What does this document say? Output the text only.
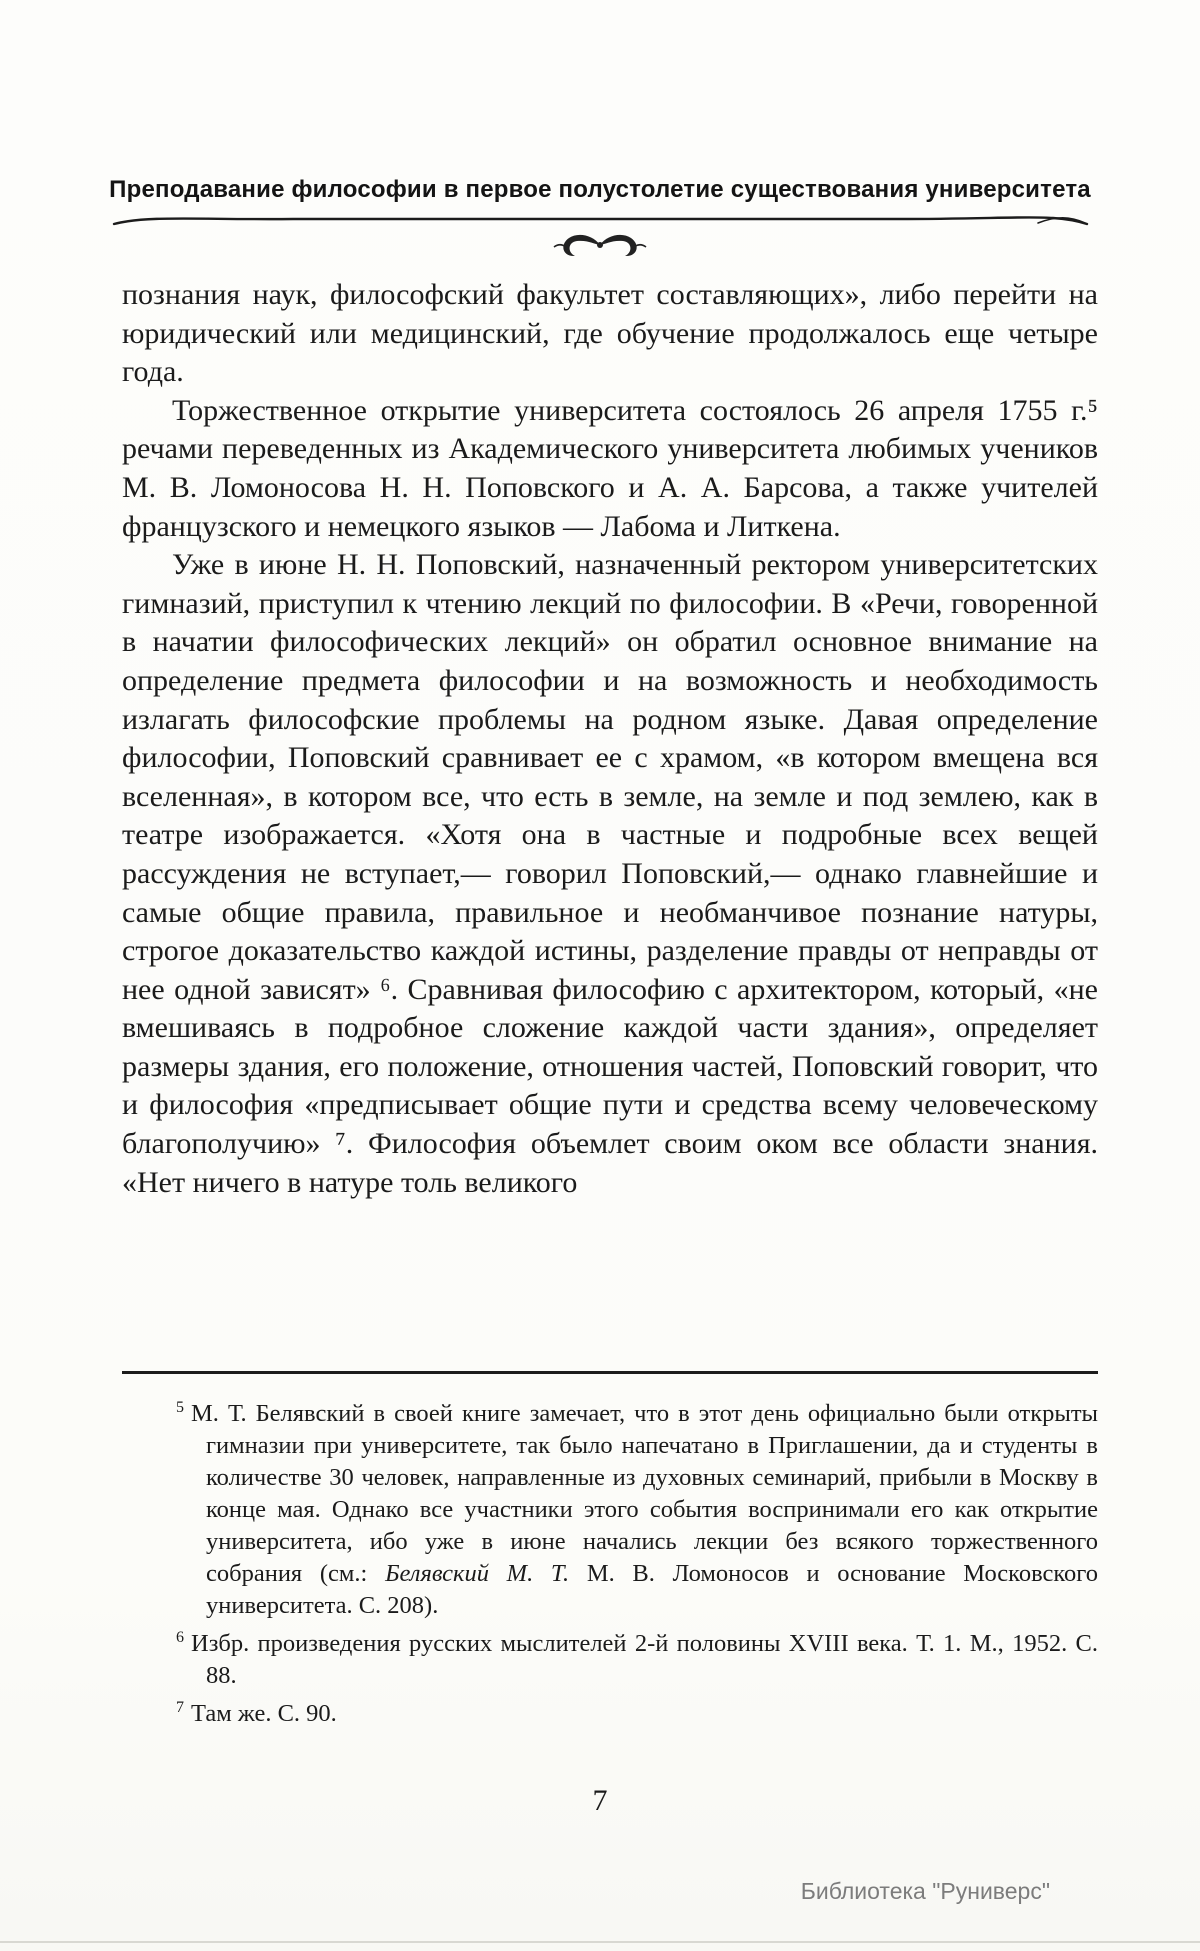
Преподавание философии в первое полустолетие существования университета

познания наук, философский факультет составляющих», либо перейти на юридический или медицинский, где обучение продолжалось еще четыре года.

Торжественное открытие университета состоялось 26 апреля 1755 г.⁵ речами переведенных из Академического университета любимых учеников М. В. Ломоносова Н. Н. Поповского и А. А. Барсова, а также учителей французского и немецкого языков — Лабома и Литкена.

Уже в июне Н. Н. Поповский, назначенный ректором университетских гимназий, приступил к чтению лекций по философии. В «Речи, говоренной в начатии философических лекций» он обратил основное внимание на определение предмета философии и на возможность и необходимость излагать философские проблемы на родном языке. Давая определение философии, Поповский сравнивает ее с храмом, «в котором вмещена вся вселенная», в котором все, что есть в земле, на земле и под землею, как в театре изображается. «Хотя она в частные и подробные всех вещей рассуждения не вступает,— говорил Поповский,— однако главнейшие и самые общие правила, правильное и необманчивое познание натуры, строгое доказательство каждой истины, разделение правды от неправды от нее одной зависят» ⁶. Сравнивая философию с архитектором, который, «не вмешиваясь в подробное сложение каждой части здания», определяет размеры здания, его положение, отношения частей, Поповский говорит, что и философия «предписывает общие пути и средства всему человеческому благополучию» ⁷. Философия объемлет своим оком все области знания. «Нет ничего в натуре толь великого

$^5$ М. Т. Белявский в своей книге замечает, что в этот день официально были открыты гимназии при университете, так было напечатано в Приглашении, да и студенты в количестве 30 человек, направленные из духовных семинарий, прибыли в Москву в конце мая. Однако все участники этого события воспринимали его как открытие университета, ибо уже в июне начались лекции без всякого торжественного собрания (см.: Белявский М. Т. М. В. Ломоносов и основание Московского университета. С. 208).
$^6$ Избр. произведения русских мыслителей 2-й половины XVIII века. Т. 1. М., 1952. С. 88.
$^7$ Там же. С. 90.
7
Библиотека "Руниверс"
